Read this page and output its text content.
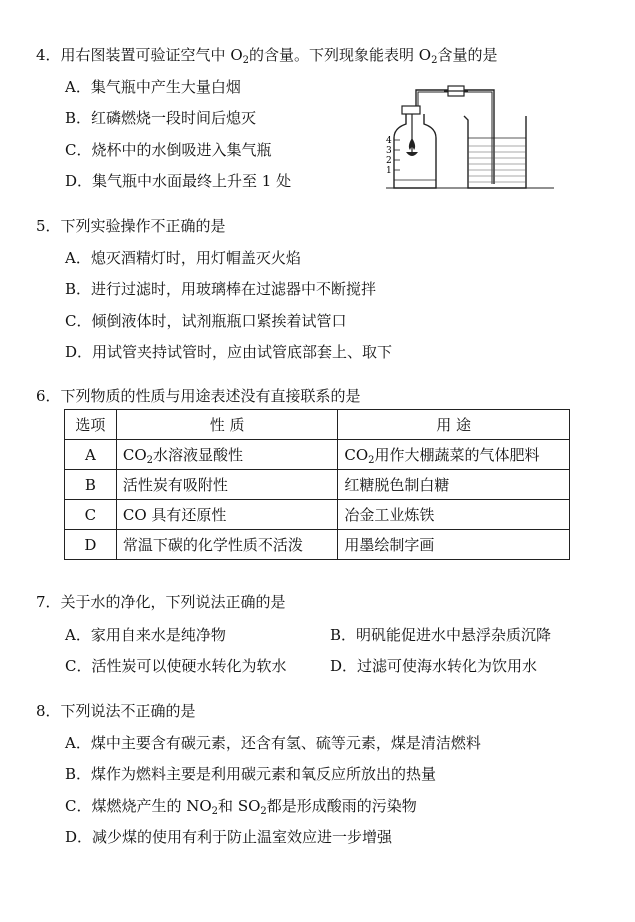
4．用右图装置可验证空气中 $O_2$的含量。下列现象能表明 $O_2$含量的是
A．集气瓶中产生大量白烟
B．红磷燃烧一段时间后熄灭
C．烧杯中的水倒吸进入集气瓶
D．集气瓶中水面最终上升至 1 处
4
3
2
1
5．下列实验操作不正确的是
A．熄灭酒精灯时，用灯帽盖灭火焰
B．进行过滤时，用玻璃棒在过滤器中不断搅拌
C．倾倒液体时，试剂瓶瓶口紧挨着试管口
D．用试管夹持试管时，应由试管底部套上、取下
6．下列物质的性质与用途表述没有直接联系的是
选项	性 质	用 途
A	$CO_2$水溶液显酸性	$CO_2$用作大棚蔬菜的气体肥料
B	活性炭有吸附性	红糖脱色制白糖
C	CO 具有还原性	冶金工业炼铁
D	常温下碳的化学性质不活泼	用墨绘制字画
7．关于水的净化，下列说法正确的是
A．家用自来水是纯净物	B．明矾能促进水中悬浮杂质沉降
C．活性炭可以使硬水转化为软水	D．过滤可使海水转化为饮用水
8．下列说法不正确的是
A．煤中主要含有碳元素，还含有氢、硫等元素，煤是清洁燃料
B．煤作为燃料主要是利用碳元素和氧反应所放出的热量
C．煤燃烧产生的 $NO_2$和 $SO_2$都是形成酸雨的污染物
D．减少煤的使用有利于防止温室效应进一步增强
